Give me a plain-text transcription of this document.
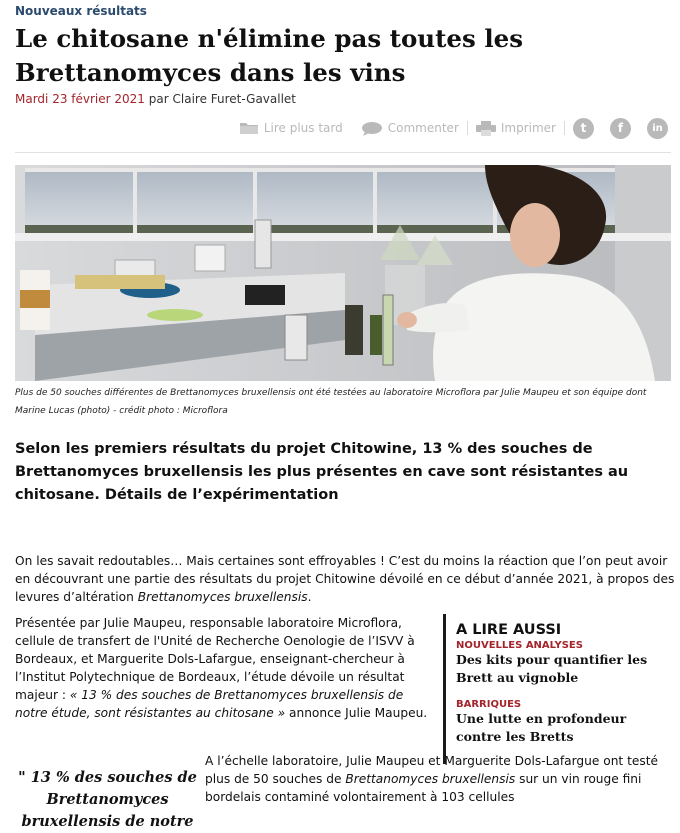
Nouveaux résultats
Le chitosane n'élimine pas toutes les Brettanomyces dans les vins
Mardi 23 février 2021 par Claire Furet-Gavallet
Lire plus tard	Commenter	Imprimer t	f	in
Plus de 50 souches différentes de Brettanomyces bruxellensis ont été testées au laboratoire Microflora par Julie Maupeu et son équipe dont Marine Lucas (photo) - crédit photo : Microflora
Selon les premiers résultats du projet Chitowine, 13 % des souches de Brettanomyces bruxellensis les plus présentes en cave sont résistantes au chitosane. Détails de l’expérimentation
On les savait redoutables… Mais certaines sont effroyables ! C’est du moins la réaction que l’on peut avoir en découvrant une partie des résultats du projet Chitowine dévoilé en ce début d’année 2021, à propos des levures d’altération Brettanomyces bruxellensis.
Présentée par Julie Maupeu, responsable laboratoire Microflora, cellule de transfert de l'Unité de Recherche Oenologie de l’ISVV à Bordeaux, et Marguerite Dols-Lafargue, enseignant-chercheur à l’Institut Polytechnique de Bordeaux, l’étude dévoile un résultat majeur : « 13 % des souches de Brettanomyces bruxellensis de notre étude, sont résistantes au chitosane » annonce Julie Maupeu.
A LIRE AUSSI
NOUVELLES ANALYSES
Des kits pour quantifier les Brett au vignoble
BARRIQUES
Une lutte en profondeur contre les Bretts
" 13 % des souches de Brettanomyces bruxellensis de notre
A l’échelle laboratoire, Julie Maupeu et Marguerite Dols-Lafargue ont testé plus de 50 souches de Brettanomyces bruxellensis sur un vin rouge fini bordelais contaminé volontairement à 103 cellules
